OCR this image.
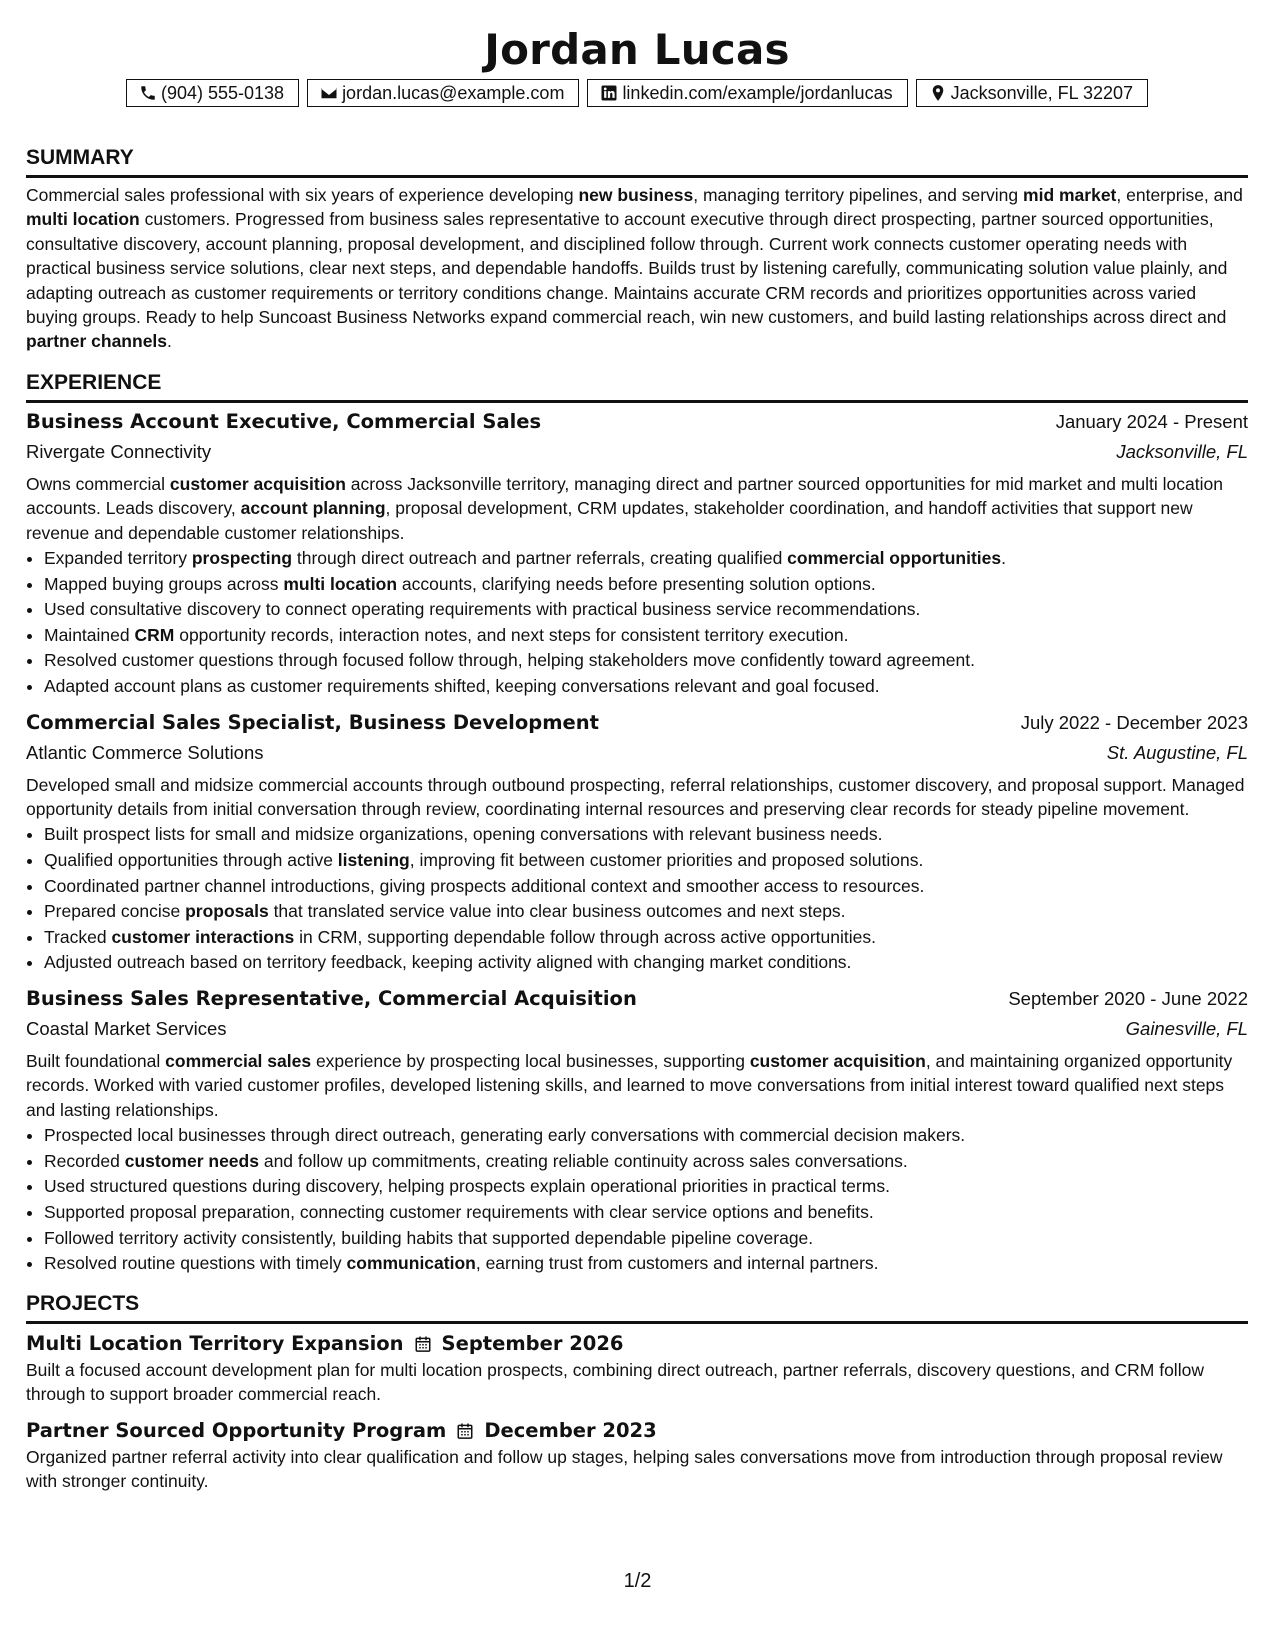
Jordan Lucas
(904) 555-0138	jordan.lucas@example.com	linkedin.com/example/jordanlucas	Jacksonville, FL 32207
SUMMARY

Commercial sales professional with six years of experience developing new business, managing territory pipelines, and serving mid market, enterprise, and multi location customers. Progressed from business sales representative to account executive through direct prospecting, partner sourced opportunities, consultative discovery, account planning, proposal development, and disciplined follow through. Current work connects customer operating needs with practical business service solutions, clear next steps, and dependable handoffs. Builds trust by listening carefully, communicating solution value plainly, and adapting outreach as customer requirements or territory conditions change. Maintains accurate CRM records and prioritizes opportunities across varied buying groups. Ready to help Suncoast Business Networks expand commercial reach, win new customers, and build lasting relationships across direct and partner channels.

EXPERIENCE
Business Account Executive, Commercial Sales	January 2024 - Present
Rivergate Connectivity	Jacksonville, FL

Owns commercial customer acquisition across Jacksonville territory, managing direct and partner sourced opportunities for mid market and multi location accounts. Leads discovery, account planning, proposal development, CRM updates, stakeholder coordination, and handoff activities that support new revenue and dependable customer relationships.

• Expanded territory prospecting through direct outreach and partner referrals, creating qualified commercial opportunities.
• Mapped buying groups across multi location accounts, clarifying needs before presenting solution options.
• Used consultative discovery to connect operating requirements with practical business service recommendations.
• Maintained CRM opportunity records, interaction notes, and next steps for consistent territory execution.
• Resolved customer questions through focused follow through, helping stakeholders move confidently toward agreement.
• Adapted account plans as customer requirements shifted, keeping conversations relevant and goal focused.
Commercial Sales Specialist, Business Development	July 2022 - December 2023
Atlantic Commerce Solutions	St. Augustine, FL

Developed small and midsize commercial accounts through outbound prospecting, referral relationships, customer discovery, and proposal support. Managed opportunity details from initial conversation through review, coordinating internal resources and preserving clear records for steady pipeline movement.

• Built prospect lists for small and midsize organizations, opening conversations with relevant business needs.
• Qualified opportunities through active listening, improving fit between customer priorities and proposed solutions.
• Coordinated partner channel introductions, giving prospects additional context and smoother access to resources.
• Prepared concise proposals that translated service value into clear business outcomes and next steps.
• Tracked customer interactions in CRM, supporting dependable follow through across active opportunities.
• Adjusted outreach based on territory feedback, keeping activity aligned with changing market conditions.
Business Sales Representative, Commercial Acquisition	September 2020 - June 2022
Coastal Market Services	Gainesville, FL

Built foundational commercial sales experience by prospecting local businesses, supporting customer acquisition, and maintaining organized opportunity records. Worked with varied customer profiles, developed listening skills, and learned to move conversations from initial interest toward qualified next steps and lasting relationships.

• Prospected local businesses through direct outreach, generating early conversations with commercial decision makers.
• Recorded customer needs and follow up commitments, creating reliable continuity across sales conversations.
• Used structured questions during discovery, helping prospects explain operational priorities in practical terms.
• Supported proposal preparation, connecting customer requirements with clear service options and benefits.
• Followed territory activity consistently, building habits that supported dependable pipeline coverage.
• Resolved routine questions with timely communication, earning trust from customers and internal partners.
PROJECTS
Multi Location Territory Expansion September 2026

Built a focused account development plan for multi location prospects, combining direct outreach, partner referrals, discovery questions, and CRM follow through to support broader commercial reach.

Partner Sourced Opportunity Program December 2023

Organized partner referral activity into clear qualification and follow up stages, helping sales conversations move from introduction through proposal review with stronger continuity.

1/2
